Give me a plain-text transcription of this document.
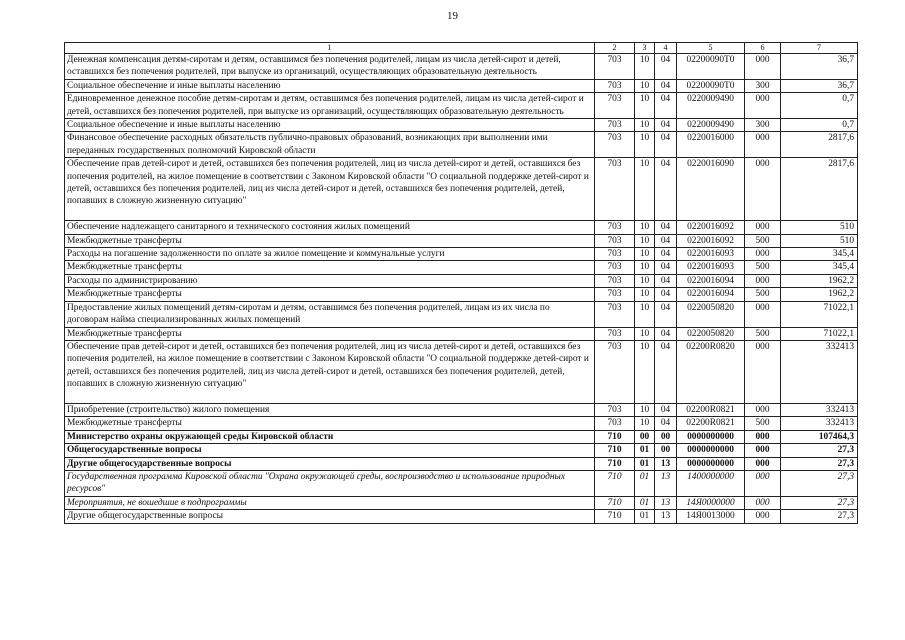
19
1	2	3	4	5	6	7
Денежная компенсация детям-сиротам и детям, оставшимся без попечения родителей, лицам из числа детей-сирот и детей, оставшихся без попечения родителей, при выпуске из организаций, осуществляющих образовательную деятельность	703	10	04	02200090Т0	000	36,7
Социальное обеспечение и иные выплаты населению	703	10	04	02200090Т0	300	36,7
Единовременное денежное пособие детям-сиротам и детям, оставшимся без попечения родителей, лицам из числа детей-сирот и детей, оставшихся без попечения родителей, при выпуске из организаций, осуществляющих образовательную деятельность	703	10	04	0220009490	000	0,7
Социальное обеспечение и иные выплаты населению	703	10	04	0220009490	300	0,7
Финансовое обеспечение расходных обязательств публично-правовых образований, возникающих при выполнении ими переданных государственных полномочий Кировской области	703	10	04	0220016000	000	2817,6
Обеспечение прав детей-сирот и детей, оставшихся без попечения родителей, лиц из числа детей-сирот и детей, оставшихся без попечения родителей, на жилое помещение в соответствии с Законом Кировской области "О социальной поддержке детей-сирот и детей, оставшихся без попечения родителей, лиц из числа детей-сирот и детей, оставшихся без попечения родителей, детей, попавших в сложную жизненную ситуацию"	703	10	04	0220016090	000	2817,6
Обеспечение надлежащего санитарного и технического состояния жилых помещений	703	10	04	0220016092	000	510
Межбюджетные трансферты	703	10	04	0220016092	500	510
Расходы на погашение задолженности по оплате за жилое помещение и коммунальные услуги	703	10	04	0220016093	000	345,4
Межбюджетные трансферты	703	10	04	0220016093	500	345,4
Расходы по администрированию	703	10	04	0220016094	000	1962,2
Межбюджетные трансферты	703	10	04	0220016094	500	1962,2
Предоставление жилых помещений детям-сиротам и детям, оставшимся без попечения родителей, лицам из их числа по договорам найма специализированных жилых помещений	703	10	04	0220050820	000	71022,1
Межбюджетные трансферты	703	10	04	0220050820	500	71022,1
Обеспечение прав детей-сирот и детей, оставшихся без попечения родителей, лиц из числа детей-сирот и детей, оставшихся без попечения родителей, на жилое помещение в соответствии с Законом Кировской области "О социальной поддержке детей-сирот и детей, оставшихся без попечения родителей, лиц из числа детей-сирот и детей, оставшихся без попечения родителей, детей, попавших в сложную жизненную ситуацию"	703	10	04	02200R0820	000	332413
Приобретение (строительство) жилого помещения	703	10	04	02200R0821	000	332413
Межбюджетные трансферты	703	10	04	02200R0821	500	332413
Министерство охраны окружающей среды Кировской области	710	00	00	0000000000	000	107464,3
Общегосударственные вопросы	710	01	00	0000000000	000	27,3
Другие общегосударственные вопросы	710	01	13	0000000000	000	27,3
Государственная программа Кировской области "Охрана окружающей среды, воспроизводство и использование природных ресурсов"	710	01	13	1400000000	000	27,3
Мероприятия, не вошедшие в подпрограммы	710	01	13	14Я0000000	000	27,3
Другие общегосударственные вопросы	710	01	13	14Я0013000	000	27,3
